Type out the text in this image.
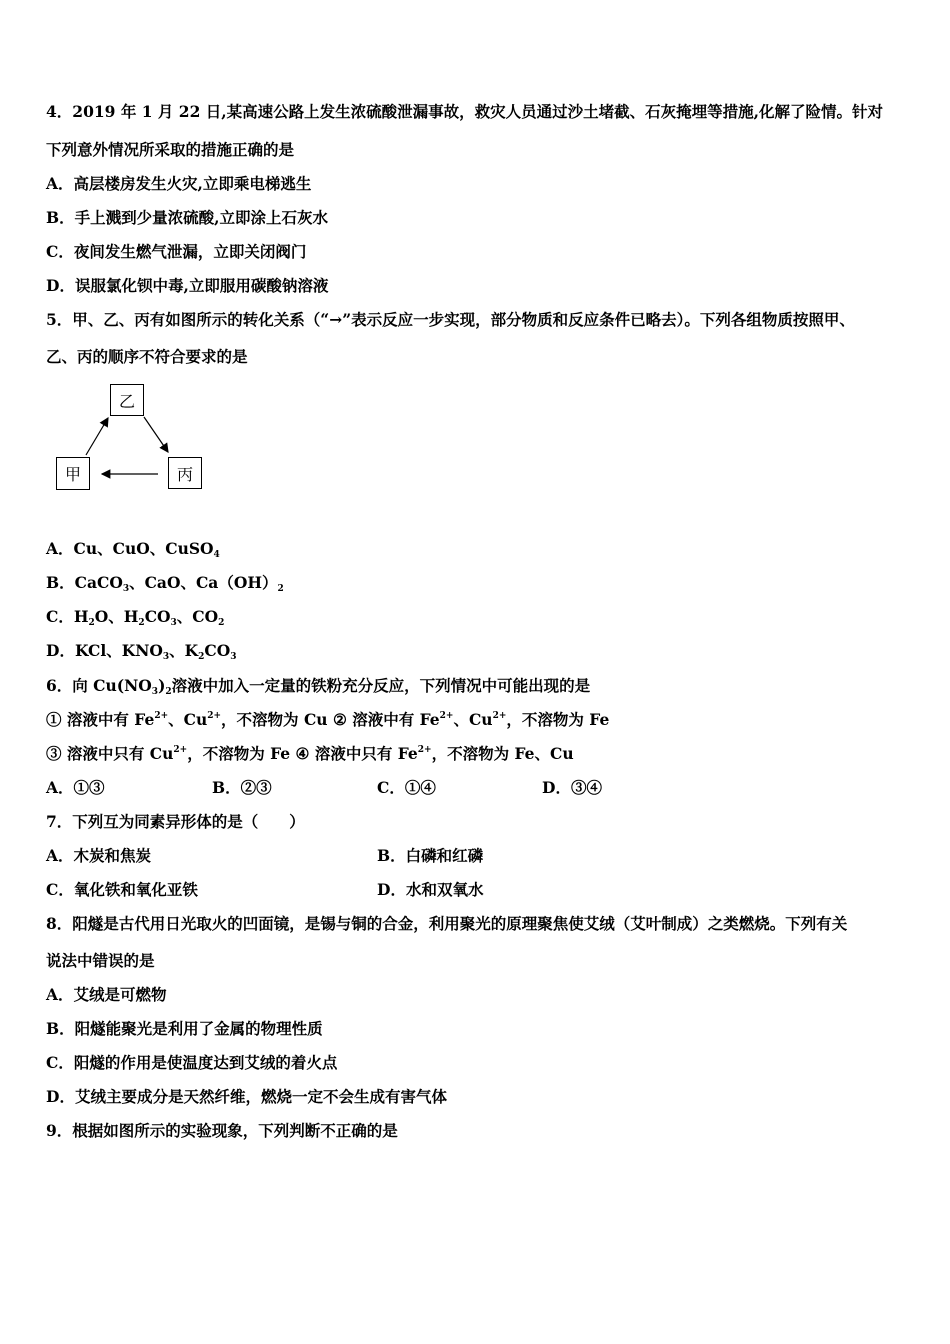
4．2019 年 1 月 22 日,某高速公路上发生浓硫酸泄漏事故，救灾人员通过沙土堵截、石灰掩埋等措施,化解了险情。针对
下列意外情况所采取的措施正确的是
A．高层楼房发生火灾,立即乘电梯逃生
B．手上溅到少量浓硫酸,立即涂上石灰水
C．夜间发生燃气泄漏，立即关闭阀门
D．误服氯化钡中毒,立即服用碳酸钠溶液
5．甲、乙、丙有如图所示的转化关系（“→”表示反应一步实现，部分物质和反应条件已略去）。下列各组物质按照甲、
乙、丙的顺序不符合要求的是
乙
甲	丙
A．Cu、CuO、CuSO$_4$
B．CaCO$_3$、CaO、$Ca(OH)_2$
C．$H_2O$、$H_2CO_3$、$CO_2$
D．KCl、$KNO_3$、$K_2CO_3$
6．向 $Cu(NO_3)_2$溶液中加入一定量的铁粉充分反应，下列情况中可能出现的是
① 溶液中有 $Fe^{2+}$、$Cu^{2+}$，不溶物为 Cu ② 溶液中有 $Fe^{2+}$、$Cu^{2+}$，不溶物为 Fe
③ 溶液中只有 $Cu^{2+}$，不溶物为 Fe ④ 溶液中只有 $Fe^{2+}$，不溶物为 Fe、Cu
A．①③	B．②③	C．①④	D．③④
7．下列互为同素异形体的是（　　）
A．木炭和焦炭	B．白磷和红磷
C．氧化铁和氧化亚铁	D．水和双氧水
8．阳燧是古代用日光取火的凹面镜，是锡与铜的合金，利用聚光的原理聚焦使艾绒（艾叶制成）之类燃烧。下列有关
说法中错误的是
A．艾绒是可燃物
B．阳燧能聚光是利用了金属的物理性质
C．阳燧的作用是使温度达到艾绒的着火点
D．艾绒主要成分是天然纤维，燃烧一定不会生成有害气体
9．根据如图所示的实验现象，下列判断不正确的是
